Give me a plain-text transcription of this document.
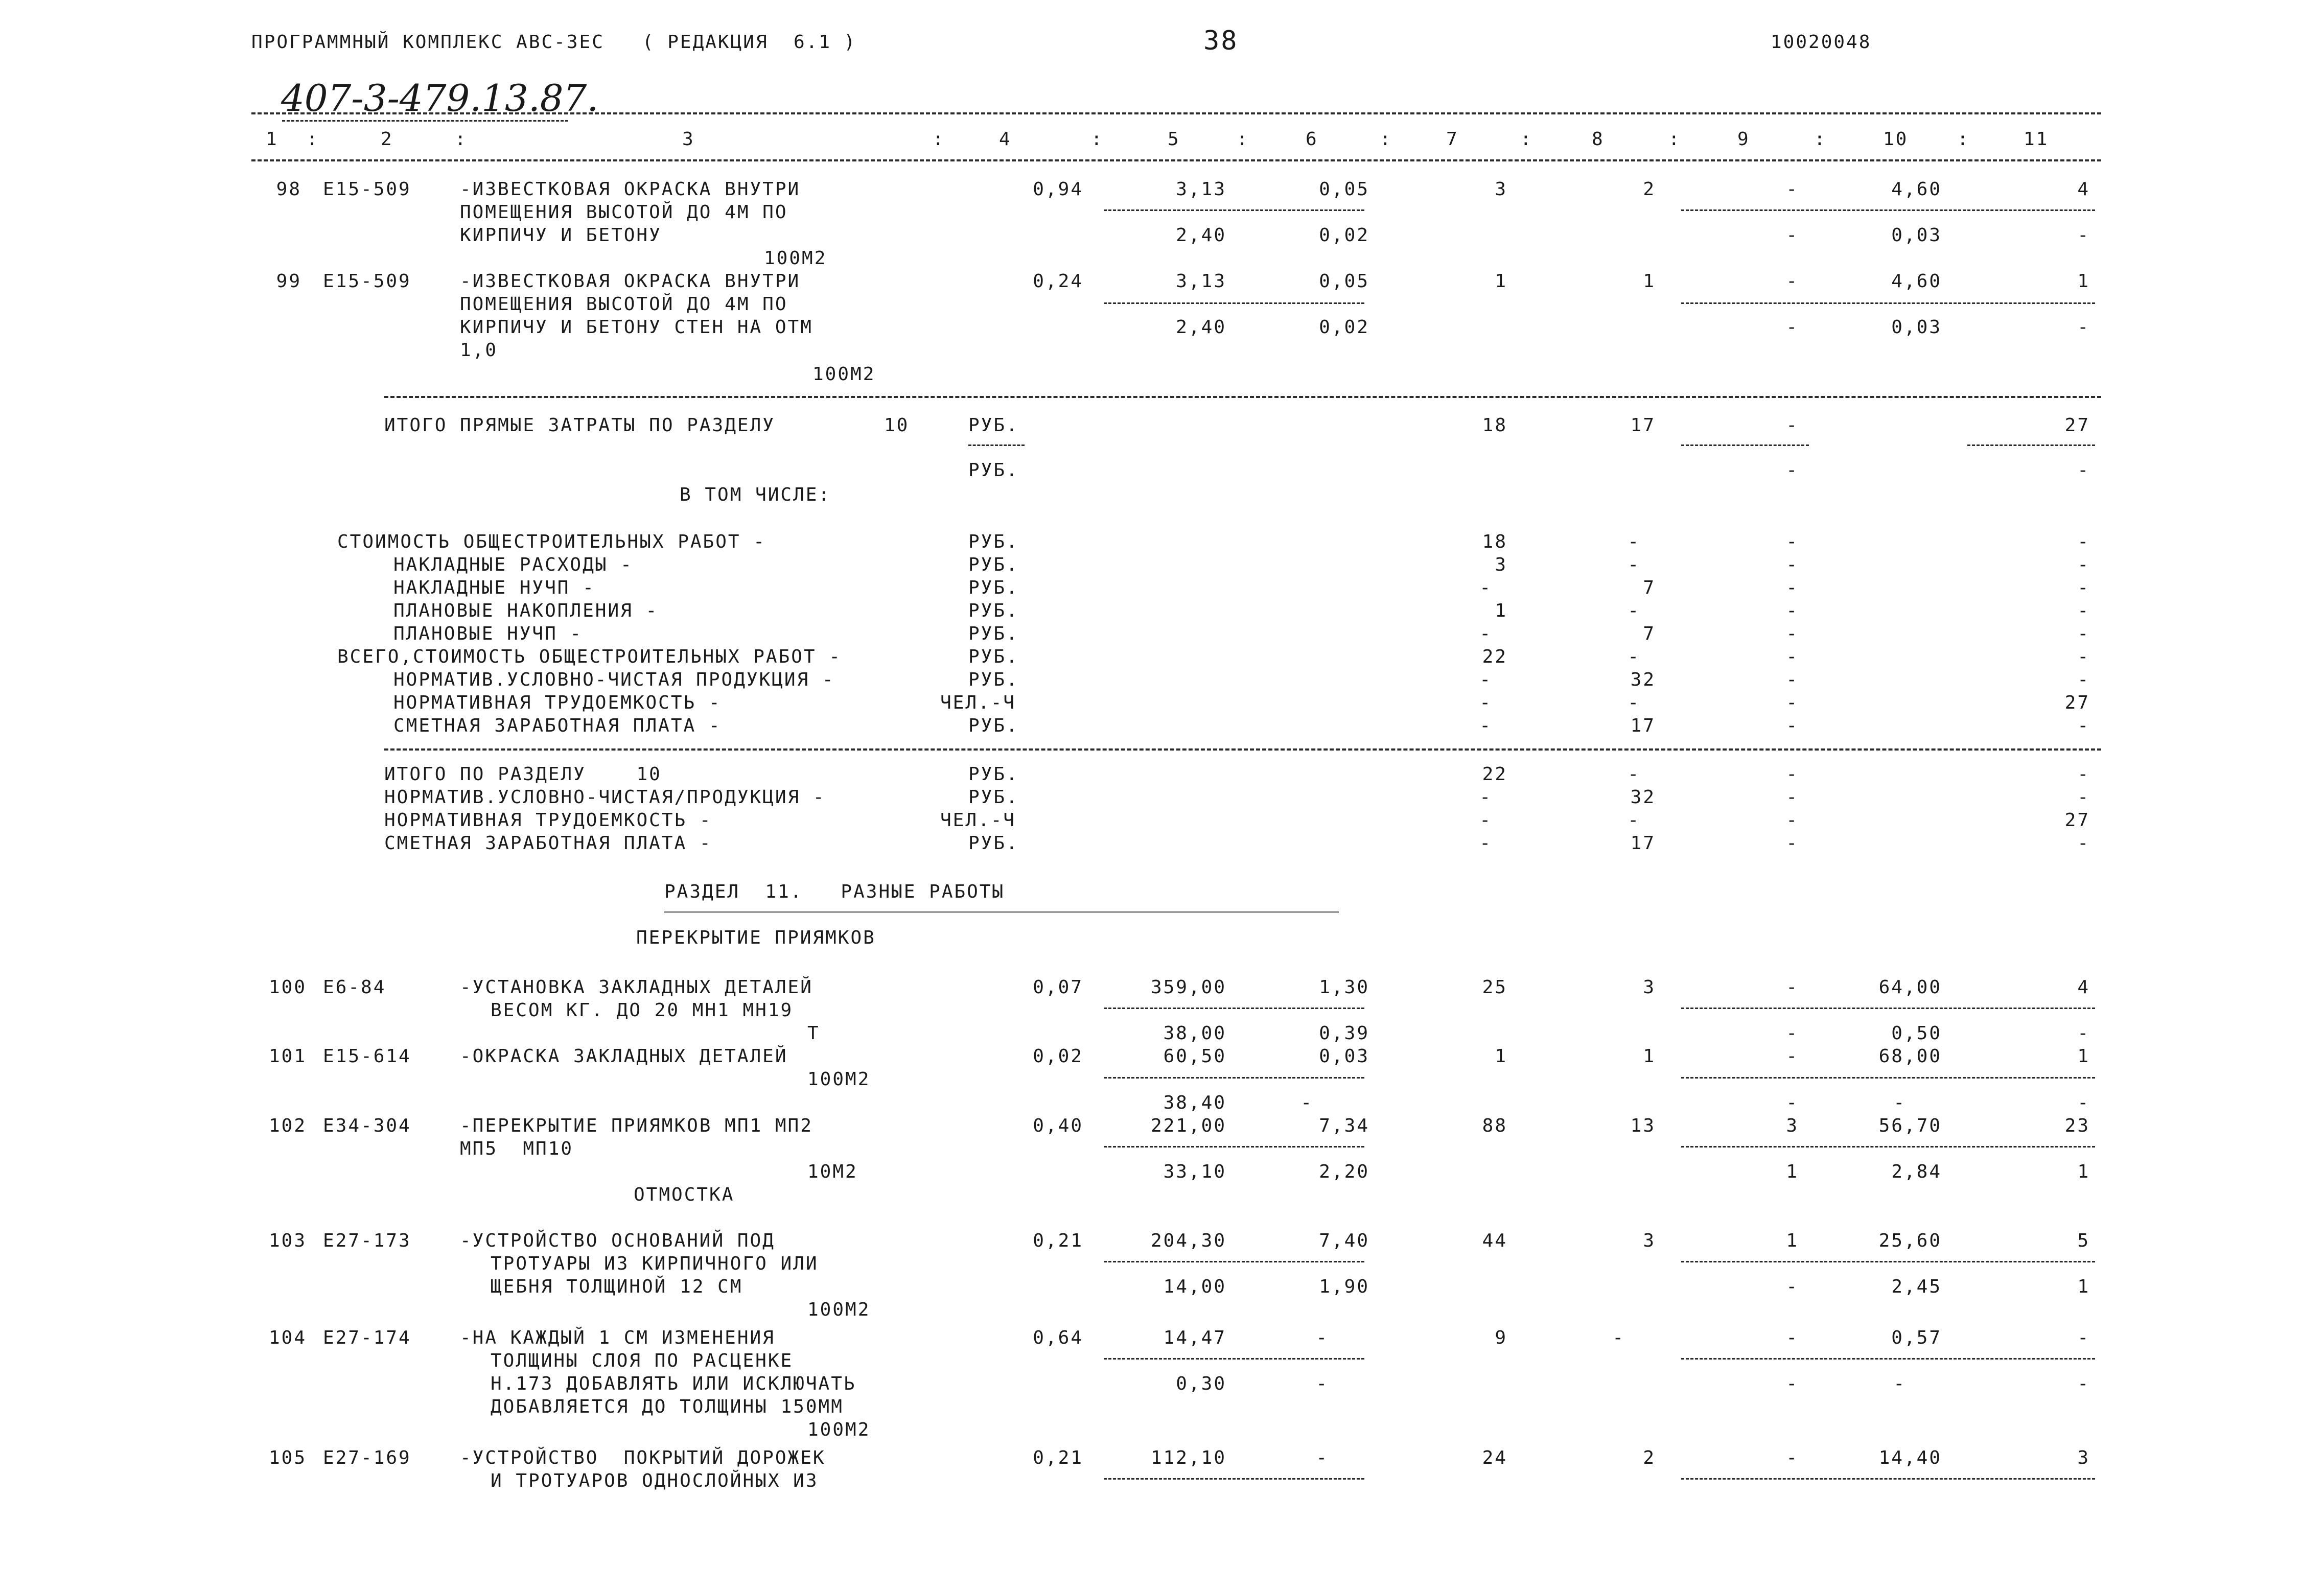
ПРОГРАММНЫЙ КОМПЛЕКС АВС-3ЕС   ( РЕДАКЦИЯ  6.1 )	38	10020048
407-3-479.13.87.
1 :	2	:	3	:	4	:	5	:	6	:	7	:	8	:	9	:	10	:	11
98 Е15-509	-ИЗВЕСТКОВАЯ ОКРАСКА ВНУТРИ
ПОМЕЩЕНИЯ ВЫСОТОЙ ДО 4М ПО
КИРПИЧУ И БЕТОНУ
100М2
0,94	3,13	0,05	3	2	-	4,60	4
2,40	0,02	-	0,03	-
99 Е15-509	-ИЗВЕСТКОВАЯ ОКРАСКА ВНУТРИ
ПОМЕЩЕНИЯ ВЫСОТОЙ ДО 4М ПО
КИРПИЧУ И БЕТОНУ СТЕН НА ОТМ
1,0
100М2
0,24	3,13	0,05	1	1	-	4,60	1
2,40	0,02	-	0,03	-
ИТОГО ПРЯМЫЕ ЗАТРАТЫ ПО РАЗДЕЛУ	10	РУБ.	18	17	-	27
РУБ.	-	-
В ТОМ ЧИСЛЕ:
СТОИМОСТЬ ОБЩЕСТРОИТЕЛЬНЫХ РАБОТ -	РУБ.	18	-	-	-
НАКЛАДНЫЕ РАСХОДЫ -	РУБ.	3	-	-	-
НАКЛАДНЫЕ НУЧП -	РУБ.	-	7	-	-
ПЛАНОВЫЕ НАКОПЛЕНИЯ -	РУБ.	1	-	-	-
ПЛАНОВЫЕ НУЧП -	РУБ.	-	7	-	-
ВСЕГО,СТОИМОСТЬ ОБЩЕСТРОИТЕЛЬНЫХ РАБОТ -	РУБ.	22	-	-	-
НОРМАТИВ.УСЛОВНО-ЧИСТАЯ ПРОДУКЦИЯ -	РУБ.	-	32	-	-
НОРМАТИВНАЯ ТРУДОЕМКОСТЬ -	ЧЕЛ.-Ч	-	-	-	27
СМЕТНАЯ ЗАРАБОТНАЯ ПЛАТА -	РУБ.	-	17	-	-
ИТОГО ПО РАЗДЕЛУ    10	РУБ.	22	-	-	-
НОРМАТИВ.УСЛОВНО-ЧИСТАЯ/ПРОДУКЦИЯ -	РУБ.	-	32	-	-
НОРМАТИВНАЯ ТРУДОЕМКОСТЬ -	ЧЕЛ.-Ч	-	-	-	27
СМЕТНАЯ ЗАРАБОТНАЯ ПЛАТА -	РУБ.	-	17	-	-
РАЗДЕЛ  11.   РАЗНЫЕ РАБОТЫ
ПЕРЕКРЫТИЕ ПРИЯМКОВ
100 Е6-84	-УСТАНОВКА ЗАКЛАДНЫХ ДЕТАЛЕЙ
ВЕСОМ КГ. ДО 20 МН1 МН19
Т
0,07	359,00	1,30	25	3	-	64,00	4
38,00	0,39	-	0,50	-
101 Е15-614	-ОКРАСКА ЗАКЛАДНЫХ ДЕТАЛЕЙ
100М2
0,02	60,50	0,03	1	1	-	68,00	1
38,40	-	-	-	-
102 Е34-304	-ПЕРЕКРЫТИЕ ПРИЯМКОВ МП1 МП2
МП5  МП10
10М2
0,40	221,00	7,34	88	13	3	56,70	23
33,10	2,20	1	2,84	1
ОТМОСТКА
103 Е27-173	-УСТРОЙСТВО ОСНОВАНИЙ ПОД
ТРОТУАРЫ ИЗ КИРПИЧНОГО ИЛИ
ЩЕБНЯ ТОЛЩИНОЙ 12 СМ
100М2
0,21	204,30	7,40	44	3	1	25,60	5
14,00	1,90	-	2,45	1
104 Е27-174	-НА КАЖДЫЙ 1 СМ ИЗМЕНЕНИЯ
ТОЛЩИНЫ СЛОЯ ПО РАСЦЕНКЕ
Н.173 ДОБАВЛЯТЬ ИЛИ ИСКЛЮЧАТЬ
ДОБАВЛЯЕТСЯ ДО ТОЛЩИНЫ 150ММ
100М2
0,64	14,47	-	9	-	-	0,57	-
0,30	-	-	-	-
105 Е27-169	-УСТРОЙСТВО  ПОКРЫТИЙ ДОРОЖЕК
И ТРОТУАРОВ ОДНОСЛОЙНЫХ ИЗ
0,21	112,10	-	24	2	-	14,40	3
